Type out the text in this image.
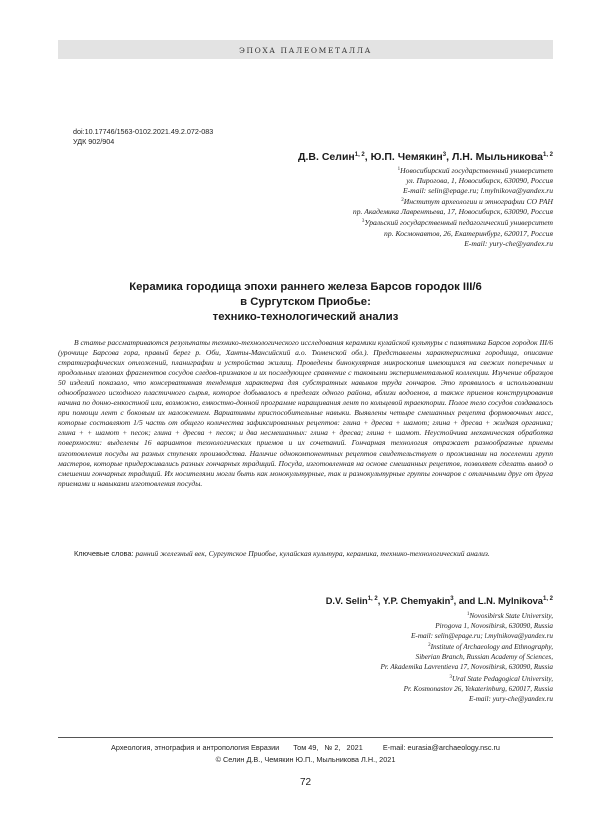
ЭПОХА ПАЛЕОМЕТАЛЛА
doi:10.17746/1563-0102.2021.49.2.072-083
УДК 902/904
Д.В. Селин$^{1, 2}$, Ю.П. Чемякин$^3$, Л.Н. Мыльникова$^{1, 2}$
$^1$Новосибирский государственный университет
ул. Пирогова, 1, Новосибирск, 630090, Россия
E-mail: selin@epage.ru; l.mylnikova@yandex.ru
$^2$Институт археологии и этнографии СО РАН
пр. Академика Лаврентьева, 17, Новосибирск, 630090, Россия
$^3$Уральский государственный педагогический университет
пр. Космонавтов, 26, Екатеринбург, 620017, Россия
E-mail: yury-che@yandex.ru
Керамика городища эпохи раннего железа Барсов городок III/6
в Сургутском Приобье:
технико-технологический анализ

В статье рассматриваются результаты технико-технологического исследования керамики кулайской культуры с памятника Барсов городок III/6 (урочище Барсова гора, правый берег р. Оби, Ханты-Мансийский а.о. Тюменской обл.). Представлены характеристика городища, описание стратиграфических отложений, планиграфии и устройства жилищ. Проведены бинокулярная микроскопия имеющихся на свежих поперечных и продольных изломах фрагментов сосудов следов-признаков и их последующее сравнение с таковыми экспериментальной коллекции. Изучение образцов 50 изделий показало, что консервативная тенденция характерна для субстратных навыков труда гончаров. Это проявилось в использовании однообразного исходного пластичного сырья, которое добывалось в пределах одного района, вблизи водоемов, а также приемов конструирования начина по донно-емкостной или, возможно, емкостно-донной программе наращивания лент по кольцевой траектории. Полое тело сосудов создавалось при помощи лент с боковым их наложением. Вариативны приспособительные навыки. Выявлены четыре смешанных рецепта формовочных масс, которые составляют 1/5 часть от общего количества зафиксированных рецептов: глина + дресва + шамот; глина + дресва + жидкая органика; глина + + шамот + песок; глина + дресва + песок; и два несмешанных: глина + дресва; глина + шамот. Неустойчива механическая обработка поверхности: выделены 16 вариантов технологических приемов и их сочетаний. Гончарная технология отражает разнообразные приемы изготовления посуды на разных ступенях производства. Наличие однокомпонентных рецептов свидетельствует о проживании на поселении групп мастеров, которые придерживались разных гончарных традиций. Посуда, изготовленная на основе смешанных рецептов, позволяет сделать вывод о смешении гончарных традиций. Их носителями могли быть как монокультурные, так и разнокультурные группы гончаров с отличными друг от друга приемами и навыками изготовления посуды.

Ключевые слова: ранний железный век, Сургутское Приобье, кулайская культура, керамика, технико-технологический анализ.
D.V. Selin$^{1, 2}$, Y.P. Chemyakin$^3$, and L.N. Mylnikova$^{1, 2}$
$^1$Novosibirsk State University,
Pirogova 1, Novosibirsk, 630090, Russia
E-mail: selin@epage.ru; l.mylnikova@yandex.ru
$^2$Institute of Archaeology and Ethnography,
Siberian Branch, Russian Academy of Sciences,
Pr. Akademika Lavrentieva 17, Novosibirsk, 630090, Russia
$^3$Ural State Pedagogical University,
Pr. Kosmonastov 26, Yekaterinburg, 620017, Russia
E-mail: yury-che@yandex.ru
Археология, этнография и антропология Евразии Том 49, № 2, 2021	E-mail: eurasia@archaeology.nsc.ru
© Селин Д.В., Чемякин Ю.П., Мыльникова Л.Н., 2021
72
